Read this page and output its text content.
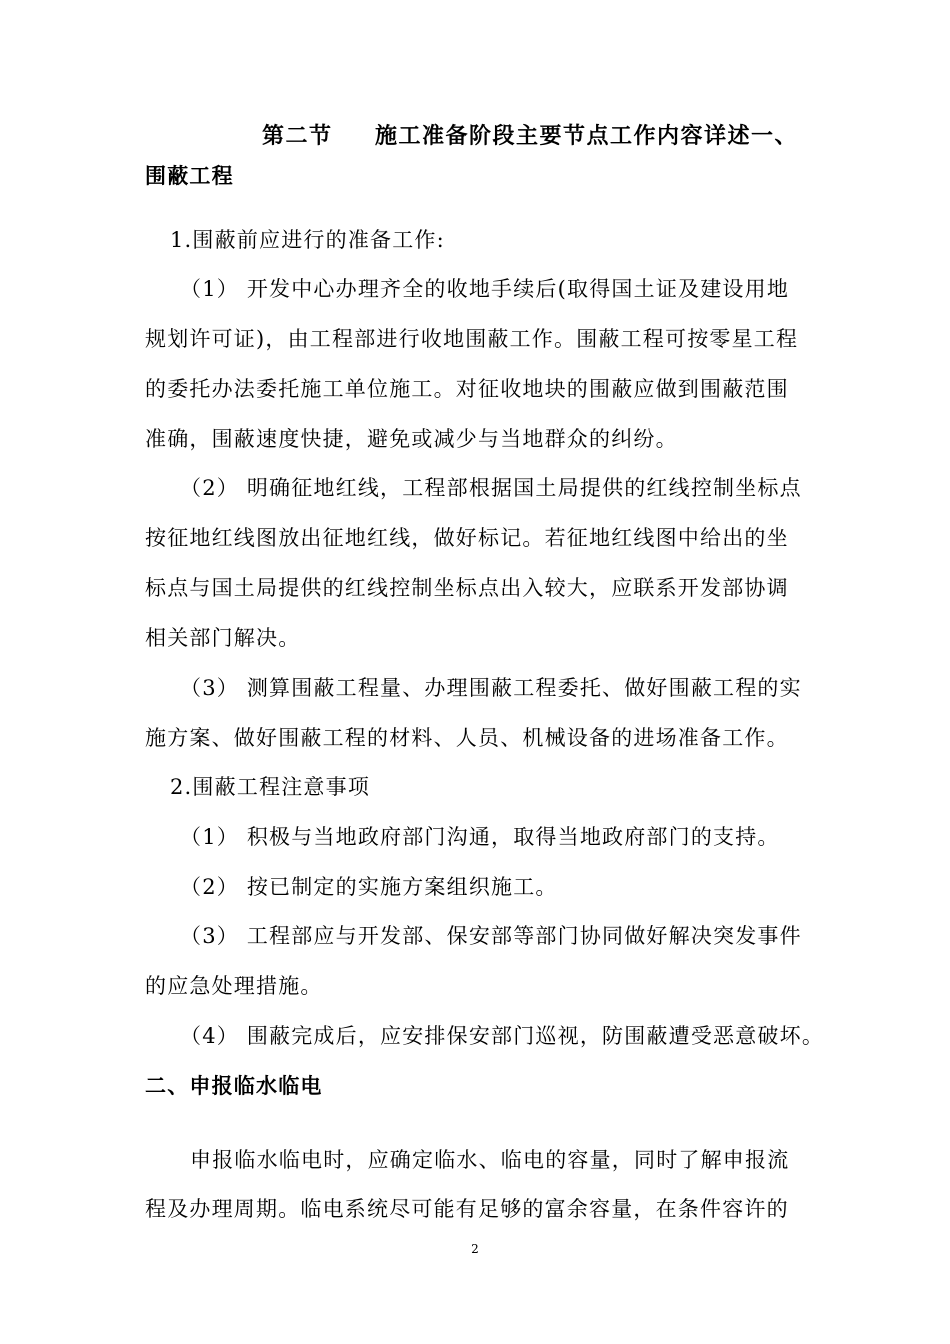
第二节 施工准备阶段主要节点工作内容详述一、
围蔽工程
1.围蔽前应进行的准备工作:
（1） 开发中心办理齐全的收地手续后(取得国土证及建设用地
规划许可证)，由工程部进行收地围蔽工作。围蔽工程可按零星工程
的委托办法委托施工单位施工。对征收地块的围蔽应做到围蔽范围
准确，围蔽速度快捷，避免或减少与当地群众的纠纷。
（2） 明确征地红线，工程部根据国土局提供的红线控制坐标点
按征地红线图放出征地红线，做好标记。若征地红线图中给出的坐
标点与国土局提供的红线控制坐标点出入较大，应联系开发部协调
相关部门解决。
（3） 测算围蔽工程量、办理围蔽工程委托、做好围蔽工程的实
施方案、做好围蔽工程的材料、人员、机械设备的进场准备工作。
2.围蔽工程注意事项
（1） 积极与当地政府部门沟通，取得当地政府部门的支持。
（2） 按已制定的实施方案组织施工。
（3） 工程部应与开发部、保安部等部门协同做好解决突发事件
的应急处理措施。
（4） 围蔽完成后，应安排保安部门巡视，防围蔽遭受恶意破坏。
二、申报临水临电
申报临水临电时，应确定临水、临电的容量，同时了解申报流
程及办理周期。临电系统尽可能有足够的富余容量，在条件容许的
2
